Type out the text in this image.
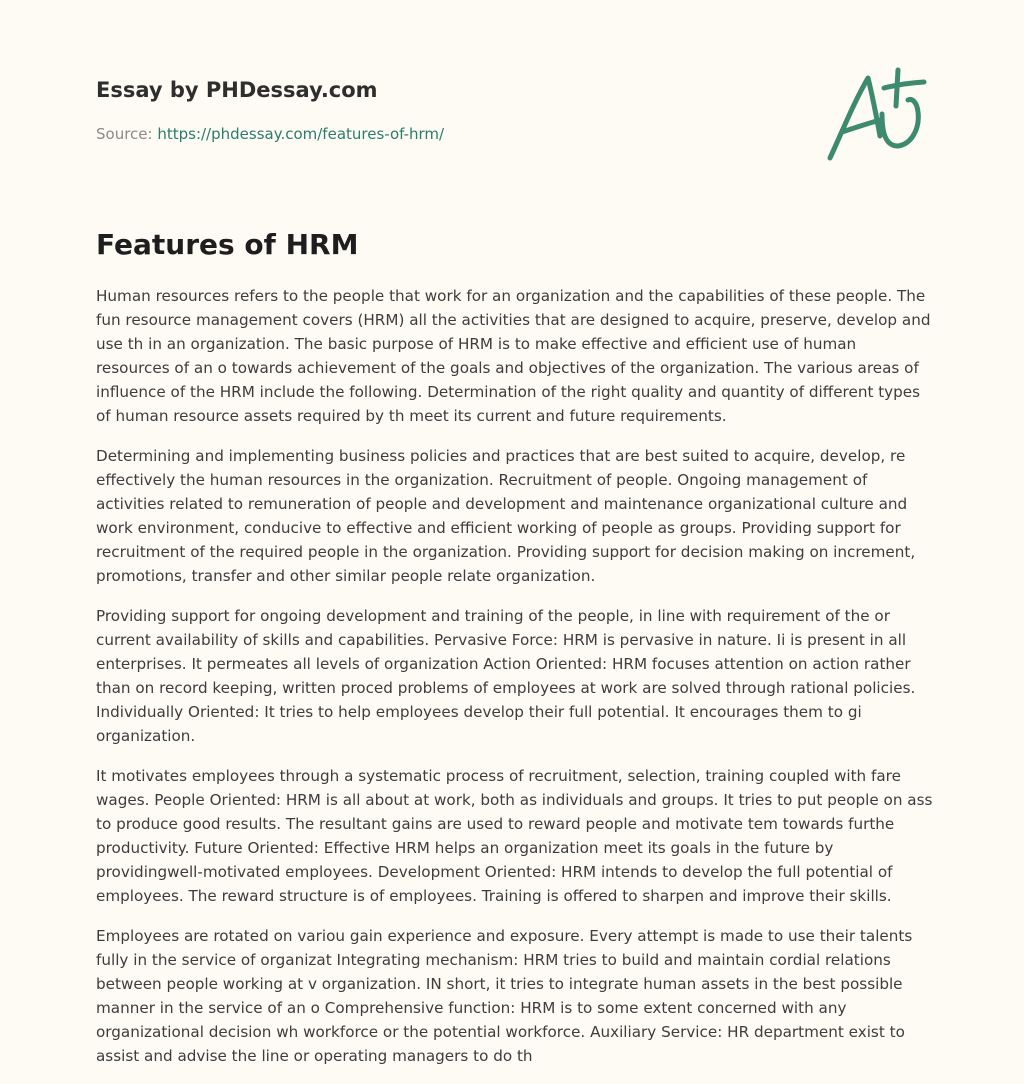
Essay by PHDessay.com
Source: https://phdessay.com/features-of-hrm/
Features of HRM

Human resources refers to the people that work for an organization and the capabilities of these people. The fun resource management covers (HRM) all the activities that are designed to acquire, preserve, develop and use th in an organization. The basic purpose of HRM is to make effective and efficient use of human resources of an o towards achievement of the goals and objectives of the organization. The various areas of influence of the HRM include the following. Determination of the right quality and quantity of different types of human resource assets required by th meet its current and future requirements.

Determining and implementing business policies and practices that are best suited to acquire, develop, re effectively the human resources in the organization. Recruitment of people. Ongoing management of activities related to remuneration of people and development and maintenance organizational culture and work environment, conducive to effective and efficient working of people as groups. Providing support for recruitment of the required people in the organization. Providing support for decision making on increment, promotions, transfer and other similar people relate organization.

Providing support for ongoing development and training of the people, in line with requirement of the or current availability of skills and capabilities. Pervasive Force: HRM is pervasive in nature. Ii is present in all enterprises. It permeates all levels of organization Action Oriented: HRM focuses attention on action rather than on record keeping, written proced problems of employees at work are solved through rational policies. Individually Oriented: It tries to help employees develop their full potential. It encourages them to gi organization.

It motivates employees through a systematic process of recruitment, selection, training coupled with fare wages. People Oriented: HRM is all about at work, both as individuals and groups. It tries to put people on ass to produce good results. The resultant gains are used to reward people and motivate tem towards furthe productivity. Future Oriented: Effective HRM helps an organization meet its goals in the future by providingwell-motivated employees. Development Oriented: HRM intends to develop the full potential of employees. The reward structure is of employees. Training is offered to sharpen and improve their skills.

Employees are rotated on variou gain experience and exposure. Every attempt is made to use their talents fully in the service of organizat Integrating mechanism: HRM tries to build and maintain cordial relations between people working at v organization. IN short, it tries to integrate human assets in the best possible manner in the service of an o Comprehensive function: HRM is to some extent concerned with any organizational decision wh workforce or the potential workforce. Auxiliary Service: HR department exist to assist and advise the line or operating managers to do th
